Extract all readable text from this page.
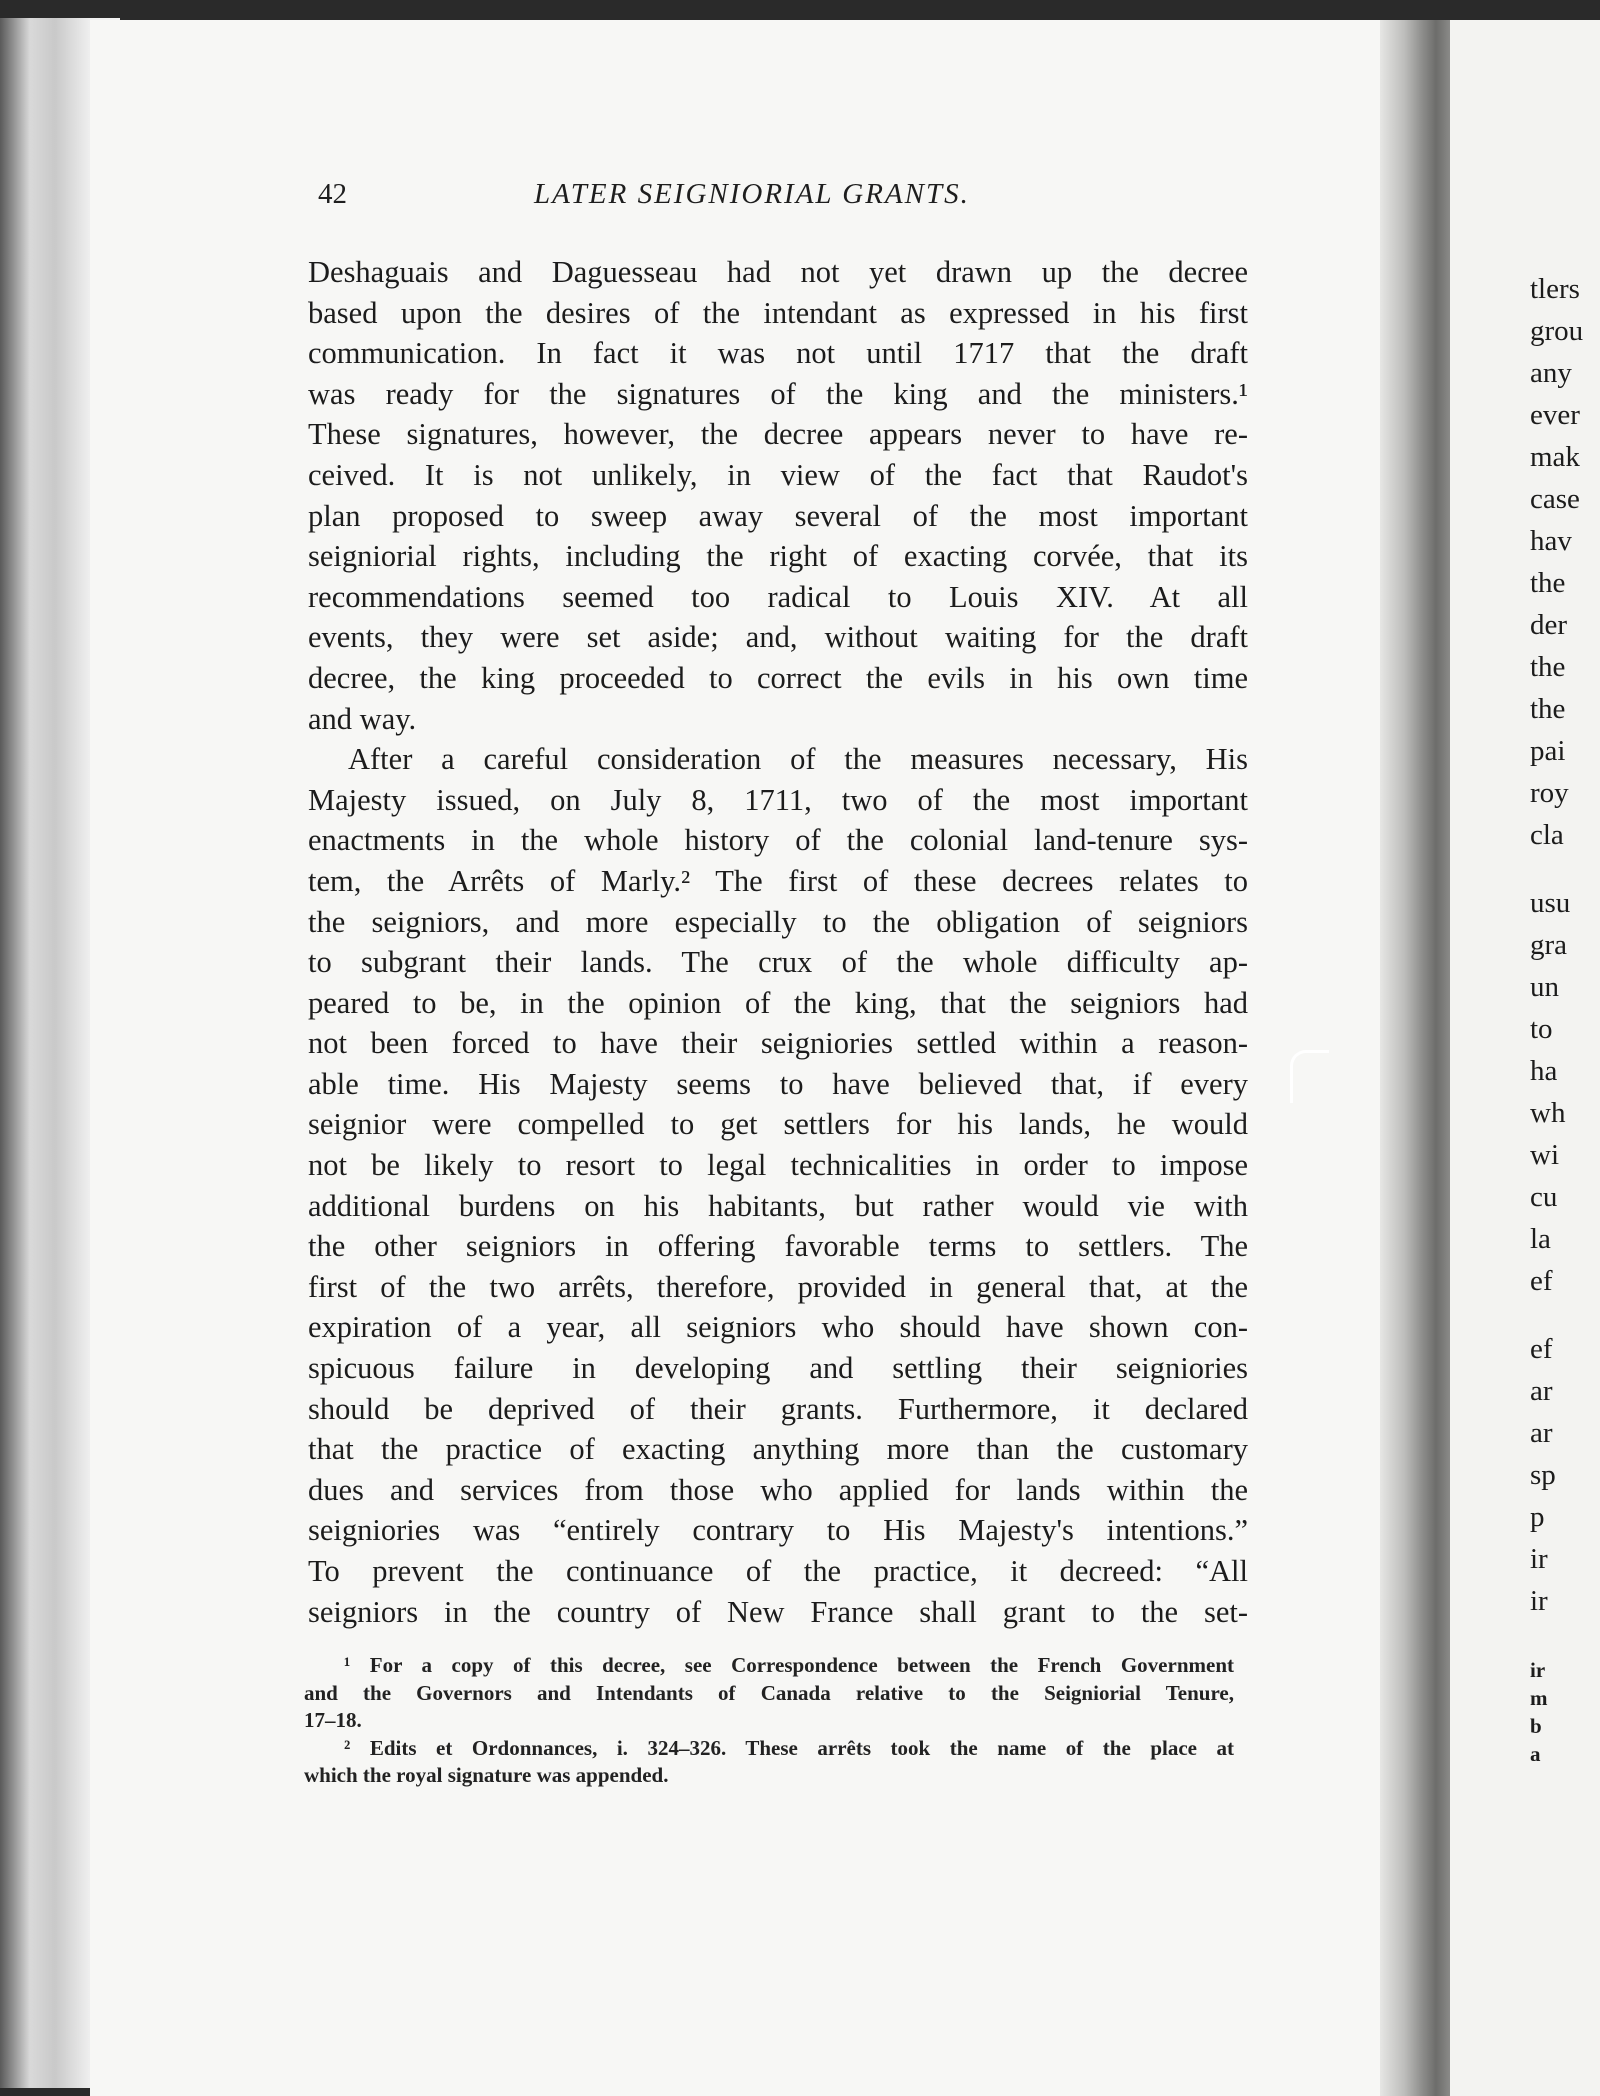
42	LATER SEIGNIORIAL GRANTS.
Deshaguais and Daguesseau had not yet drawn up the decree
based upon the desires of the intendant as expressed in his first
communication. In fact it was not until 1717 that the draft
was ready for the signatures of the king and the ministers.¹
These signatures, however, the decree appears never to have re-
ceived. It is not unlikely, in view of the fact that Raudot's
plan proposed to sweep away several of the most important
seigniorial rights, including the right of exacting corvée, that its
recommendations seemed too radical to Louis XIV. At all
events, they were set aside; and, without waiting for the draft
decree, the king proceeded to correct the evils in his own time
and way.
After a careful consideration of the measures necessary, His
Majesty issued, on July 8, 1711, two of the most important
enactments in the whole history of the colonial land-tenure sys-
tem, the Arrêts of Marly.² The first of these decrees relates to
the seigniors, and more especially to the obligation of seigniors
to subgrant their lands. The crux of the whole difficulty ap-
peared to be, in the opinion of the king, that the seigniors had
not been forced to have their seigniories settled within a reason-
able time. His Majesty seems to have believed that, if every
seignior were compelled to get settlers for his lands, he would
not be likely to resort to legal technicalities in order to impose
additional burdens on his habitants, but rather would vie with
the other seigniors in offering favorable terms to settlers. The
first of the two arrêts, therefore, provided in general that, at the
expiration of a year, all seigniors who should have shown con-
spicuous failure in developing and settling their seigniories
should be deprived of their grants. Furthermore, it declared
that the practice of exacting anything more than the customary
dues and services from those who applied for lands within the
seigniories was “entirely contrary to His Majesty's intentions.”
To prevent the continuance of the practice, it decreed: “All
seigniors in the country of New France shall grant to the set-
¹ For a copy of this decree, see Correspondence between the French Government
and the Governors and Intendants of Canada relative to the Seigniorial Tenure,
17–18.
² Edits et Ordonnances, i. 324–326. These arrêts took the name of the place at
which the royal signature was appended.
tlers
grou
any
ever
mak
case
hav
the
der
the
the
pai
roy
cla
usu
gra
un
to
ha
wh
wi
cu
la
ef
ef
ar
ar
sp
p
ir
ir
ir
m
b
a
